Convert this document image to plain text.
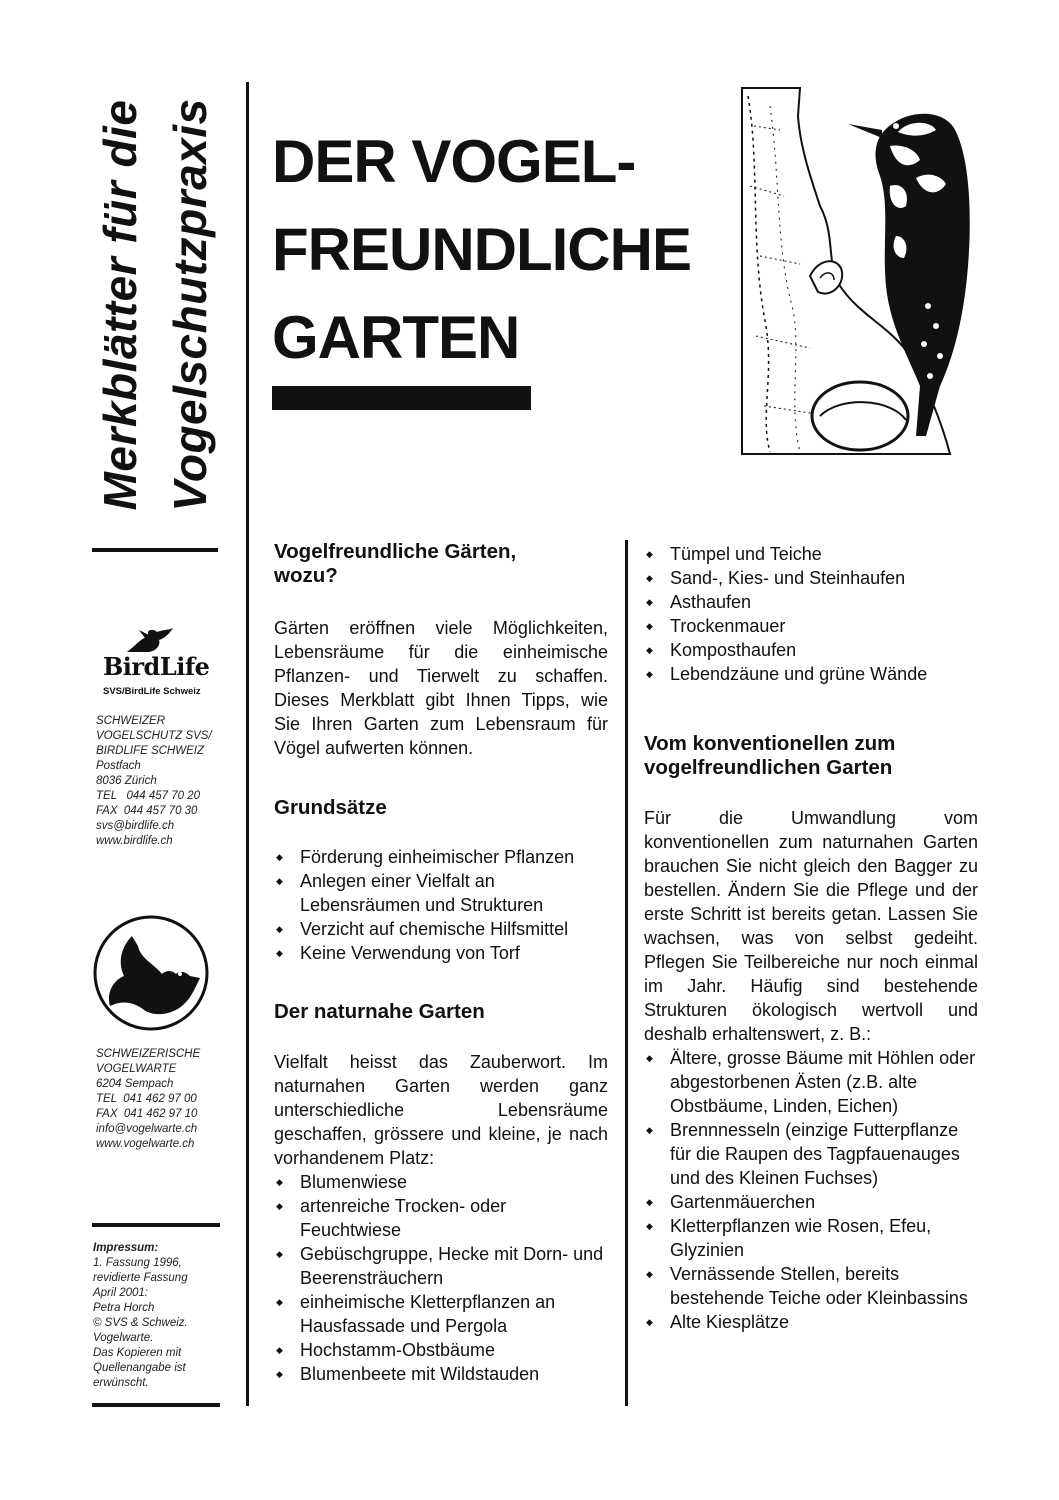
Merkblätter für die Vogelschutzpraxis
BirdLife
SVS/BirdLife Schweiz
SCHWEIZER
VOGELSCHUTZ SVS/
BIRDLIFE SCHWEIZ
Postfach
8036 Zürich
TEL   044 457 70 20
FAX  044 457 70 30
svs@birdlife.ch
www.birdlife.ch
SCHWEIZERISCHE
VOGELWARTE
6204 Sempach
TEL  041 462 97 00
FAX  041 462 97 10
info@vogelwarte.ch
www.vogelwarte.ch
Impressum:
1. Fassung 1996,
revidierte Fassung
April 2001:
Petra Horch
© SVS & Schweiz.
Vogelwarte.
Das Kopieren mit
Quellenangabe ist
erwünscht.
DER VOGEL-
FREUNDLICHE
GARTEN
Vogelfreundliche Gärten,
wozu?

Gärten eröffnen viele Möglichkeiten, Lebensräume für die einheimische Pflanzen- und Tierwelt zu schaffen. Dieses Merkblatt gibt Ihnen Tipps, wie Sie Ihren Garten zum Lebensraum für Vögel aufwerten können.

Grundsätze
◆ Förderung einheimischer Pflanzen
◆ Anlegen einer Vielfalt an Lebensräumen und Strukturen
◆ Verzicht auf chemische Hilfsmittel
◆ Keine Verwendung von Torf
Der naturnahe Garten

Vielfalt heisst das Zauberwort. Im naturnahen Garten werden ganz unterschiedliche Lebensräume geschaffen, grössere und kleine, je nach vorhandenem Platz:

◆ Blumenwiese
◆ artenreiche Trocken- oder Feuchtwiese
◆ Gebüschgruppe, Hecke mit Dorn- und Beerensträuchern
◆ einheimische Kletterpflanzen an Hausfassade und Pergola
◆ Hochstamm-Obstbäume
◆ Blumenbeete mit Wildstauden
◆ Tümpel und Teiche
◆ Sand-, Kies- und Steinhaufen
◆ Asthaufen
◆ Trockenmauer
◆ Komposthaufen
◆ Lebendzäune und grüne Wände
Vom konventionellen zum
vogelfreundlichen Garten

Für die Umwandlung vom konventionellen zum naturnahen Garten brauchen Sie nicht gleich den Bagger zu bestellen. Ändern Sie die Pflege und der erste Schritt ist bereits getan. Lassen Sie wachsen, was von selbst gedeiht. Pflegen Sie Teilbereiche nur noch einmal im Jahr. Häufig sind bestehende Strukturen ökologisch wertvoll und deshalb erhaltenswert, z. B.:

◆ Ältere, grosse Bäume mit Höhlen oder abgestorbenen Ästen (z.B. alte Obstbäume, Linden, Eichen)
◆ Brennnesseln (einzige Futterpflanze für die Raupen des Tagpfauenauges und des Kleinen Fuchses)
◆ Gartenmäuerchen
◆ Kletterpflanzen wie Rosen, Efeu, Glyzinien
◆ Vernässende Stellen, bereits bestehende Teiche oder Kleinbassins
◆ Alte Kiesplätze
